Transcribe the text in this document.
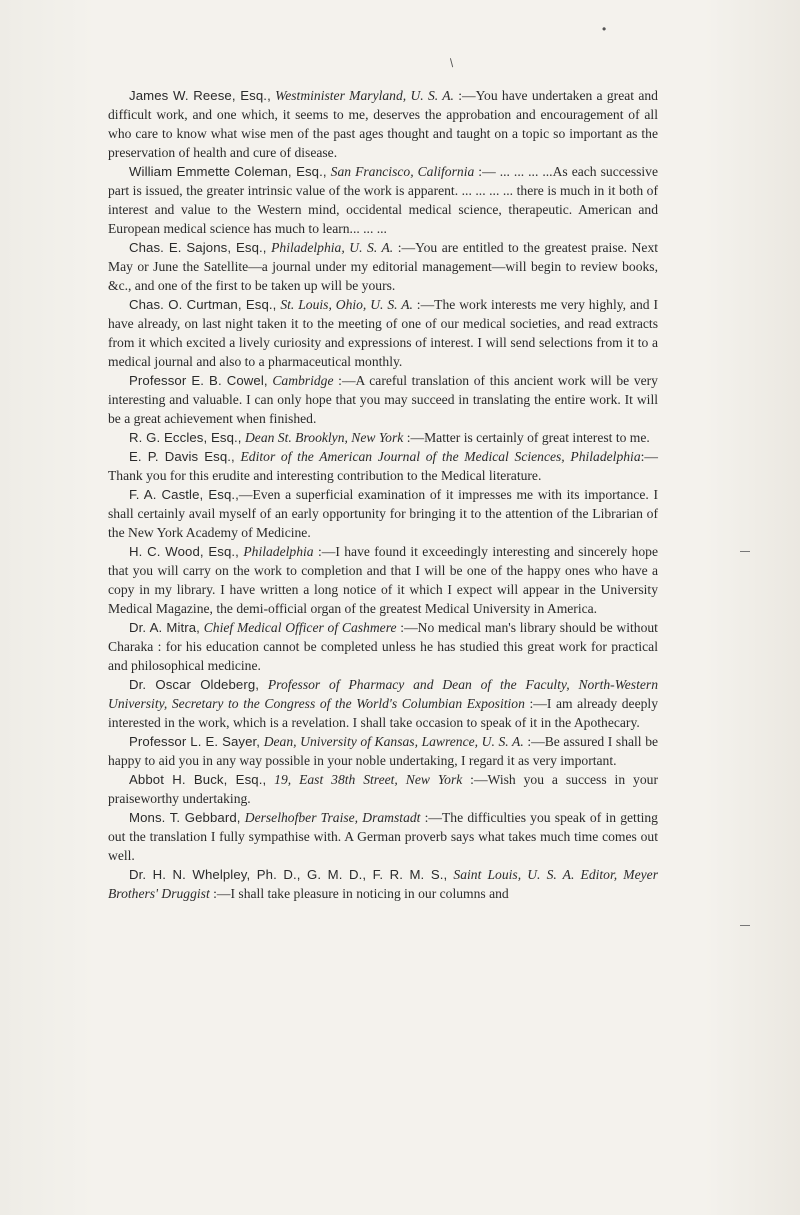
•
/

James W. Reese, Esq., Westminister Maryland, U. S. A. :—You have undertaken a great and difficult work, and one which, it seems to me, deserves the approbation and encouragement of all who care to know what wise men of the past ages thought and taught on a topic so important as the preservation of health and cure of disease.

William Emmette Coleman, Esq., San Francisco, California :— ... ... ... ...As each successive part is issued, the greater intrinsic value of the work is apparent. ... ... ... ... there is much in it both of interest and value to the Western mind, occidental medical science, therapeutic. American and European medical science has much to learn... ... ...

Chas. E. Sajons, Esq., Philadelphia, U. S. A. :—You are entitled to the greatest praise. Next May or June the Satellite—a journal under my editorial management—will begin to review books, &c., and one of the first to be taken up will be yours.

Chas. O. Curtman, Esq., St. Louis, Ohio, U. S. A. :—The work interests me very highly, and I have already, on last night taken it to the meeting of one of our medical societies, and read extracts from it which excited a lively curiosity and expressions of interest. I will send selections from it to a medical journal and also to a pharmaceutical monthly.

Professor E. B. Cowel, Cambridge :—A careful translation of this ancient work will be very interesting and valuable. I can only hope that you may succeed in translating the entire work. It will be a great achievement when finished.

R. G. Eccles, Esq., Dean St. Brooklyn, New York :—Matter is certainly of great interest to me.

E. P. Davis Esq., Editor of the American Journal of the Medical Sciences, Philadelphia:—Thank you for this erudite and interesting contribution to the Medical literature.

F. A. Castle, Esq.,—Even a superficial examination of it impresses me with its importance. I shall certainly avail myself of an early opportunity for bringing it to the attention of the Librarian of the New York Academy of Medicine.

H. C. Wood, Esq., Philadelphia :—I have found it exceedingly interesting and sincerely hope that you will carry on the work to completion and that I will be one of the happy ones who have a copy in my library. I have written a long notice of it which I expect will appear in the University Medical Magazine, the demi-official organ of the greatest Medical University in America.

Dr. A. Mitra, Chief Medical Officer of Cashmere :—No medical man's library should be without Charaka : for his education cannot be completed unless he has studied this great work for practical and philosophical medicine.

Dr. Oscar Oldeberg, Professor of Pharmacy and Dean of the Faculty, North-Western University, Secretary to the Congress of the World's Columbian Exposition :—I am already deeply interested in the work, which is a revelation. I shall take occasion to speak of it in the Apothecary.

Professor L. E. Sayer, Dean, University of Kansas, Lawrence, U. S. A. :—Be assured I shall be happy to aid you in any way possible in your noble undertaking, I regard it as very important.

Abbot H. Buck, Esq., 19, East 38th Street, New York :—Wish you a success in your praiseworthy undertaking.

Mons. T. Gebbard, Derselhofber Traise, Dramstadt :—The difficulties you speak of in getting out the translation I fully sympathise with. A German proverb says what takes much time comes out well.

Dr. H. N. Whelpley, Ph. D., G. M. D., F. R. M. S., Saint Louis, U. S. A. Editor, Meyer Brothers' Druggist :—I shall take pleasure in noticing in our columns and
